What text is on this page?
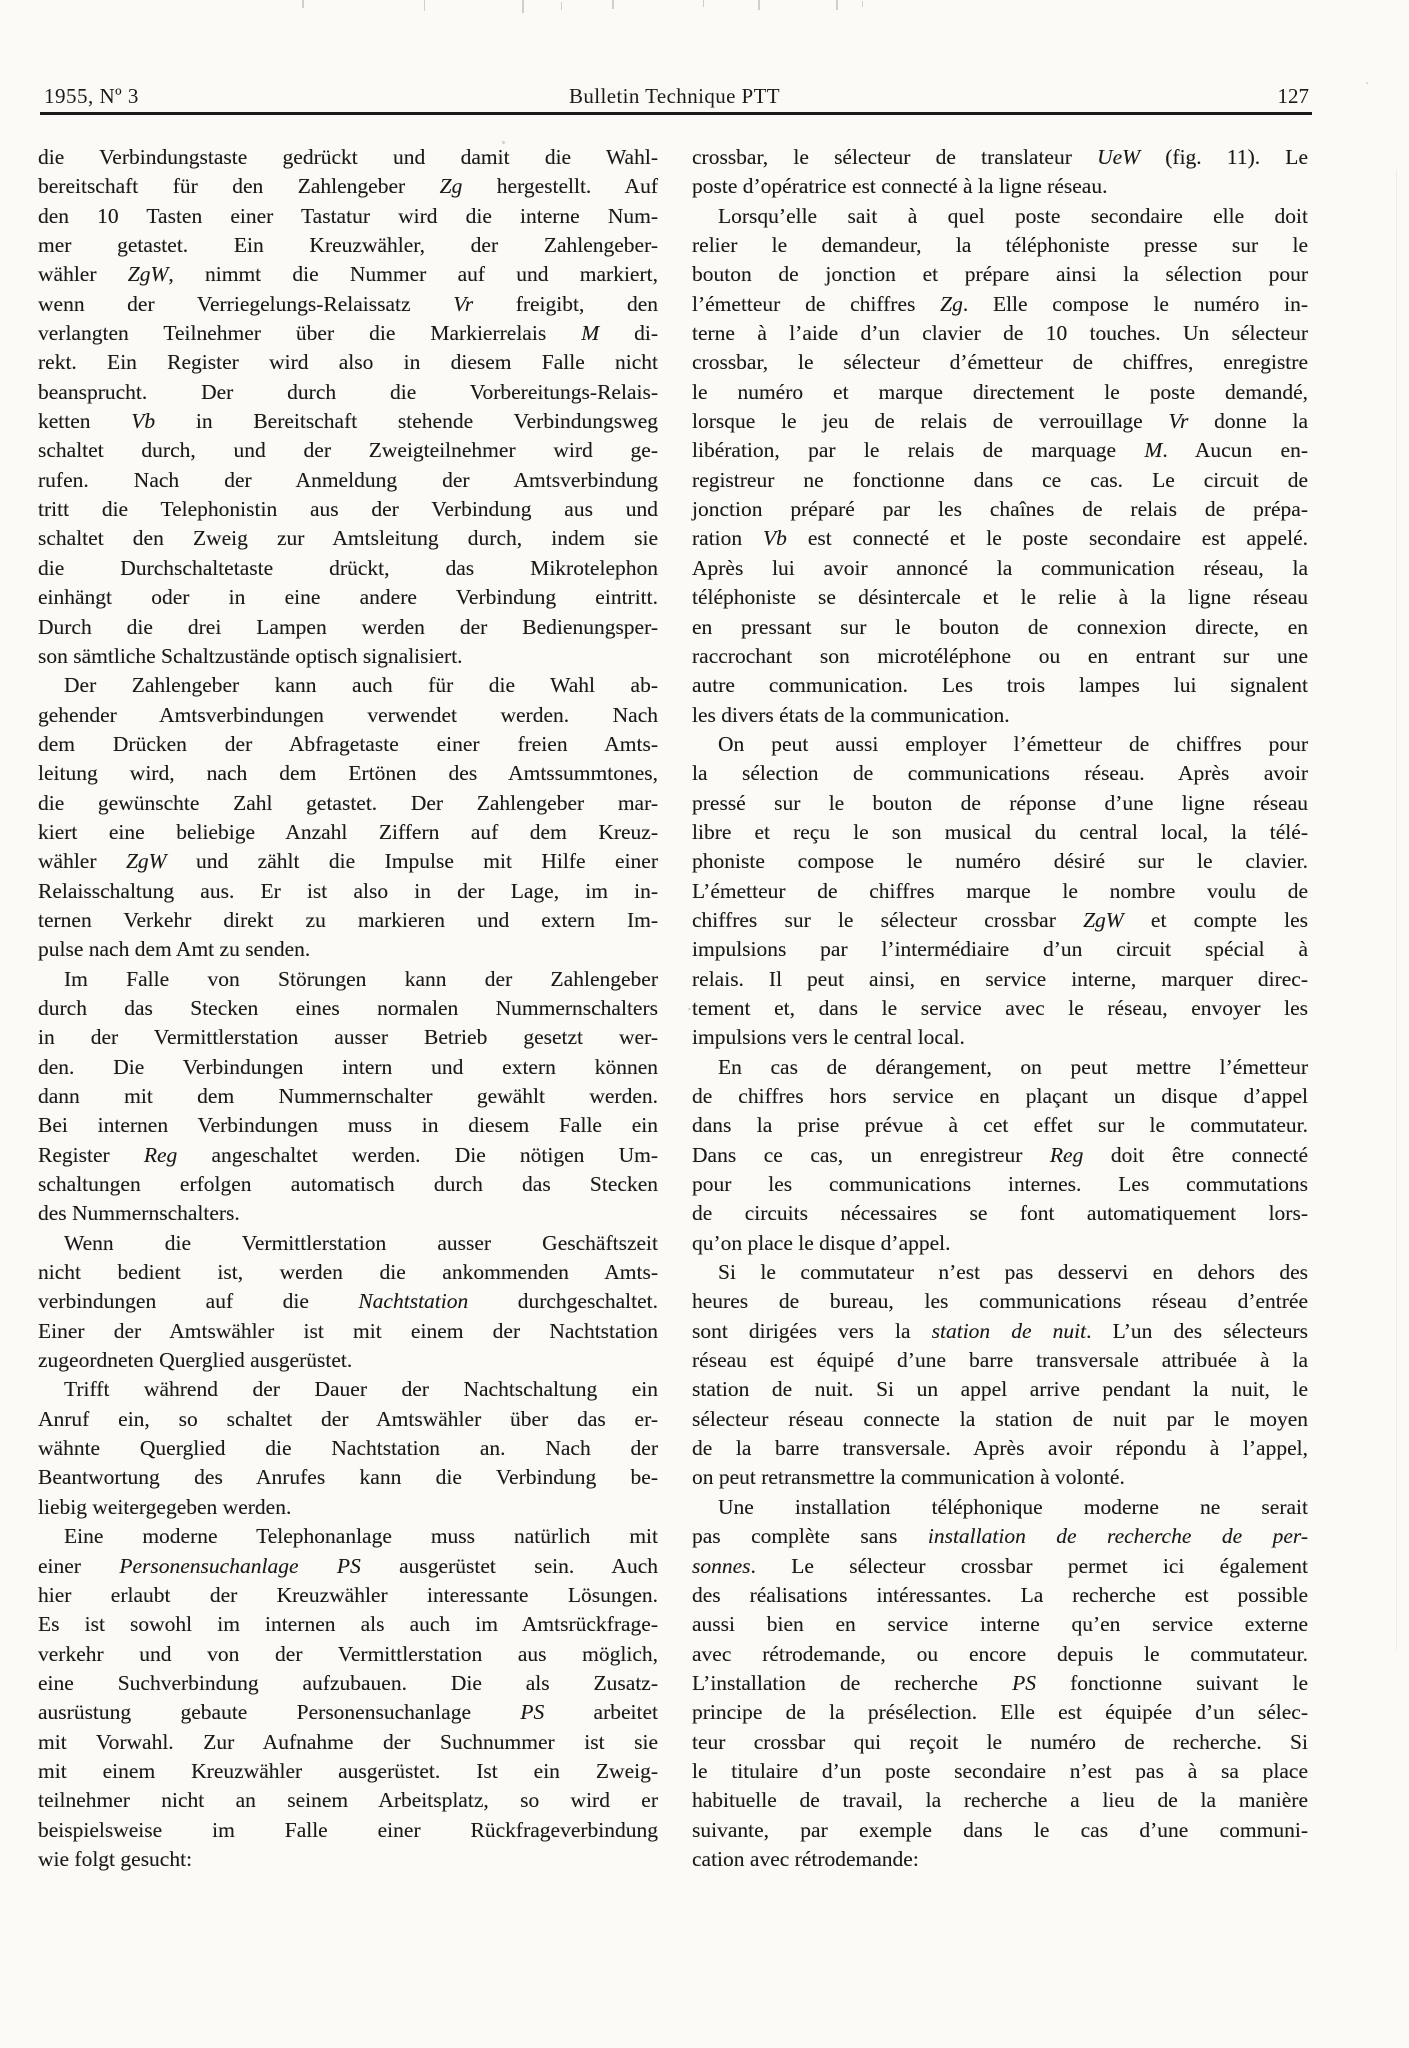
1955, Nº 3	Bulletin Technique PTT	127
die Verbindungstaste gedrückt und damit die Wahl-
bereitschaft für den Zahlengeber Zg hergestellt. Auf
den 10 Tasten einer Tastatur wird die interne Num-
mer getastet. Ein Kreuzwähler, der Zahlengeber-
wähler ZgW, nimmt die Nummer auf und markiert,
wenn der Verriegelungs-Relaissatz Vr freigibt, den
verlangten Teilnehmer über die Markierrelais M di-
rekt. Ein Register wird also in diesem Falle nicht
beansprucht. Der durch die Vorbereitungs-Relais-
ketten Vb in Bereitschaft stehende Verbindungsweg
schaltet durch, und der Zweigteilnehmer wird ge-
rufen. Nach der Anmeldung der Amtsverbindung
tritt die Telephonistin aus der Verbindung aus und
schaltet den Zweig zur Amtsleitung durch, indem sie
die Durchschaltetaste drückt, das Mikrotelephon
einhängt oder in eine andere Verbindung eintritt.
Durch die drei Lampen werden der Bedienungsper-
son sämtliche Schaltzustände optisch signalisiert.
Der Zahlengeber kann auch für die Wahl ab-
gehender Amtsverbindungen verwendet werden. Nach
dem Drücken der Abfragetaste einer freien Amts-
leitung wird, nach dem Ertönen des Amtssummtones,
die gewünschte Zahl getastet. Der Zahlengeber mar-
kiert eine beliebige Anzahl Ziffern auf dem Kreuz-
wähler ZgW und zählt die Impulse mit Hilfe einer
Relaisschaltung aus. Er ist also in der Lage, im in-
ternen Verkehr direkt zu markieren und extern Im-
pulse nach dem Amt zu senden.
Im Falle von Störungen kann der Zahlengeber
durch das Stecken eines normalen Nummernschalters
in der Vermittlerstation ausser Betrieb gesetzt wer-
den. Die Verbindungen intern und extern können
dann mit dem Nummernschalter gewählt werden.
Bei internen Verbindungen muss in diesem Falle ein
Register Reg angeschaltet werden. Die nötigen Um-
schaltungen erfolgen automatisch durch das Stecken
des Nummernschalters.
Wenn die Vermittlerstation ausser Geschäftszeit
nicht bedient ist, werden die ankommenden Amts-
verbindungen auf die Nachtstation durchgeschaltet.
Einer der Amtswähler ist mit einem der Nachtstation
zugeordneten Querglied ausgerüstet.
Trifft während der Dauer der Nachtschaltung ein
Anruf ein, so schaltet der Amtswähler über das er-
wähnte Querglied die Nachtstation an. Nach der
Beantwortung des Anrufes kann die Verbindung be-
liebig weitergegeben werden.
Eine moderne Telephonanlage muss natürlich mit
einer Personensuchanlage PS ausgerüstet sein. Auch
hier erlaubt der Kreuzwähler interessante Lösungen.
Es ist sowohl im internen als auch im Amtsrückfrage-
verkehr und von der Vermittlerstation aus möglich,
eine Suchverbindung aufzubauen. Die als Zusatz-
ausrüstung gebaute Personensuchanlage PS arbeitet
mit Vorwahl. Zur Aufnahme der Suchnummer ist sie
mit einem Kreuzwähler ausgerüstet. Ist ein Zweig-
teilnehmer nicht an seinem Arbeitsplatz, so wird er
beispielsweise im Falle einer Rückfrageverbindung
wie folgt gesucht:
crossbar, le sélecteur de translateur UeW (fig. 11). Le
poste d’opératrice est connecté à la ligne réseau.
Lorsqu’elle sait à quel poste secondaire elle doit
relier le demandeur, la téléphoniste presse sur le
bouton de jonction et prépare ainsi la sélection pour
l’émetteur de chiffres Zg. Elle compose le numéro in-
terne à l’aide d’un clavier de 10 touches. Un sélecteur
crossbar, le sélecteur d’émetteur de chiffres, enregistre
le numéro et marque directement le poste demandé,
lorsque le jeu de relais de verrouillage Vr donne la
libération, par le relais de marquage M. Aucun en-
registreur ne fonctionne dans ce cas. Le circuit de
jonction préparé par les chaînes de relais de prépa-
ration Vb est connecté et le poste secondaire est appelé.
Après lui avoir annoncé la communication réseau, la
téléphoniste se désintercale et le relie à la ligne réseau
en pressant sur le bouton de connexion directe, en
raccrochant son microtéléphone ou en entrant sur une
autre communication. Les trois lampes lui signalent
les divers états de la communication.
On peut aussi employer l’émetteur de chiffres pour
la sélection de communications réseau. Après avoir
pressé sur le bouton de réponse d’une ligne réseau
libre et reçu le son musical du central local, la télé-
phoniste compose le numéro désiré sur le clavier.
L’émetteur de chiffres marque le nombre voulu de
chiffres sur le sélecteur crossbar ZgW et compte les
impulsions par l’intermédiaire d’un circuit spécial à
relais. Il peut ainsi, en service interne, marquer direc-
tement et, dans le service avec le réseau, envoyer les
impulsions vers le central local.
En cas de dérangement, on peut mettre l’émetteur
de chiffres hors service en plaçant un disque d’appel
dans la prise prévue à cet effet sur le commutateur.
Dans ce cas, un enregistreur Reg doit être connecté
pour les communications internes. Les commutations
de circuits nécessaires se font automatiquement lors-
qu’on place le disque d’appel.
Si le commutateur n’est pas desservi en dehors des
heures de bureau, les communications réseau d’entrée
sont dirigées vers la station de nuit. L’un des sélecteurs
réseau est équipé d’une barre transversale attribuée à la
station de nuit. Si un appel arrive pendant la nuit, le
sélecteur réseau connecte la station de nuit par le moyen
de la barre transversale. Après avoir répondu à l’appel,
on peut retransmettre la communication à volonté.
Une installation téléphonique moderne ne serait
pas complète sans installation de recherche de per-
sonnes. Le sélecteur crossbar permet ici également
des réalisations intéressantes. La recherche est possible
aussi bien en service interne qu’en service externe
avec rétrodemande, ou encore depuis le commutateur.
L’installation de recherche PS fonctionne suivant le
principe de la présélection. Elle est équipée d’un sélec-
teur crossbar qui reçoit le numéro de recherche. Si
le titulaire d’un poste secondaire n’est pas à sa place
habituelle de travail, la recherche a lieu de la manière
suivante, par exemple dans le cas d’une communi-
cation avec rétrodemande:
